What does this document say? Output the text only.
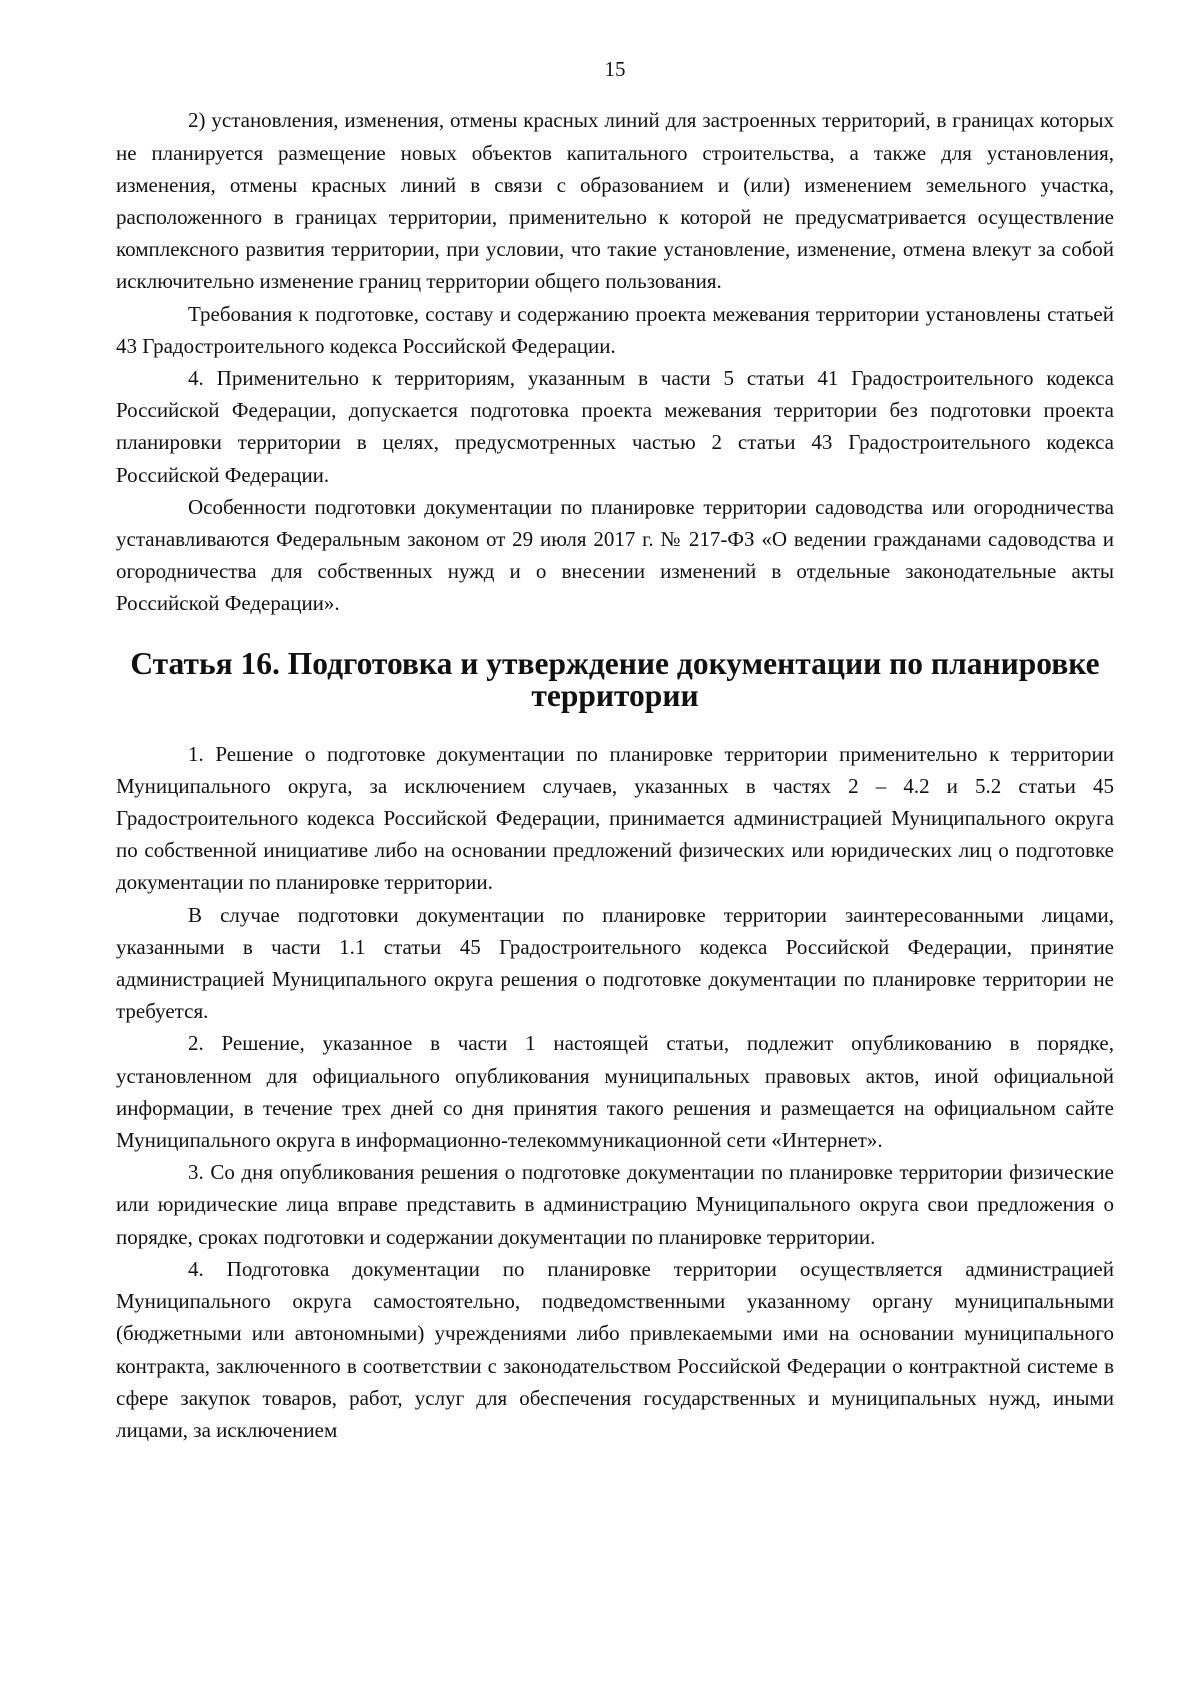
15

2) установления, изменения, отмены красных линий для застроенных территорий, в границах которых не планируется размещение новых объектов капитального строительства, а также для установления, изменения, отмены красных линий в связи с образованием и (или) изменением земельного участка, расположенного в границах территории, применительно к которой не предусматривается осуществление комплексного развития территории, при условии, что такие установление, изменение, отмена влекут за собой исключительно изменение границ территории общего пользования.

Требования к подготовке, составу и содержанию проекта межевания территории установлены статьей 43 Градостроительного кодекса Российской Федерации.

4. Применительно к территориям, указанным в части 5 статьи 41 Градостроительного кодекса Российской Федерации, допускается подготовка проекта межевания территории без подготовки проекта планировки территории в целях, предусмотренных частью 2 статьи 43 Градостроительного кодекса Российской Федерации.

Особенности подготовки документации по планировке территории садоводства или огородничества устанавливаются Федеральным законом от 29 июля 2017 г. № 217-ФЗ «О ведении гражданами садоводства и огородничества для собственных нужд и о внесении изменений в отдельные законодательные акты Российской Федерации».

Статья 16. Подготовка и утверждение документации по планировке территории

1. Решение о подготовке документации по планировке территории применительно к территории Муниципального округа, за исключением случаев, указанных в частях 2 – 4.2 и 5.2 статьи 45 Градостроительного кодекса Российской Федерации, принимается администрацией Муниципального округа по собственной инициативе либо на основании предложений физических или юридических лиц о подготовке документации по планировке территории.

В случае подготовки документации по планировке территории заинтересованными лицами, указанными в части 1.1 статьи 45 Градостроительного кодекса Российской Федерации, принятие администрацией Муниципального округа решения о подготовке документации по планировке территории не требуется.

2. Решение, указанное в части 1 настоящей статьи, подлежит опубликованию в порядке, установленном для официального опубликования муниципальных правовых актов, иной официальной информации, в течение трех дней со дня принятия такого решения и размещается на официальном сайте Муниципального округа в информационно-телекоммуникационной сети «Интернет».

3. Со дня опубликования решения о подготовке документации по планировке территории физические или юридические лица вправе представить в администрацию Муниципального округа свои предложения о порядке, сроках подготовки и содержании документации по планировке территории.

4. Подготовка документации по планировке территории осуществляется администрацией Муниципального округа самостоятельно, подведомственными указанному органу муниципальными (бюджетными или автономными) учреждениями либо привлекаемыми ими на основании муниципального контракта, заключенного в соответствии с законодательством Российской Федерации о контрактной системе в сфере закупок товаров, работ, услуг для обеспечения государственных и муниципальных нужд, иными лицами, за исключением
